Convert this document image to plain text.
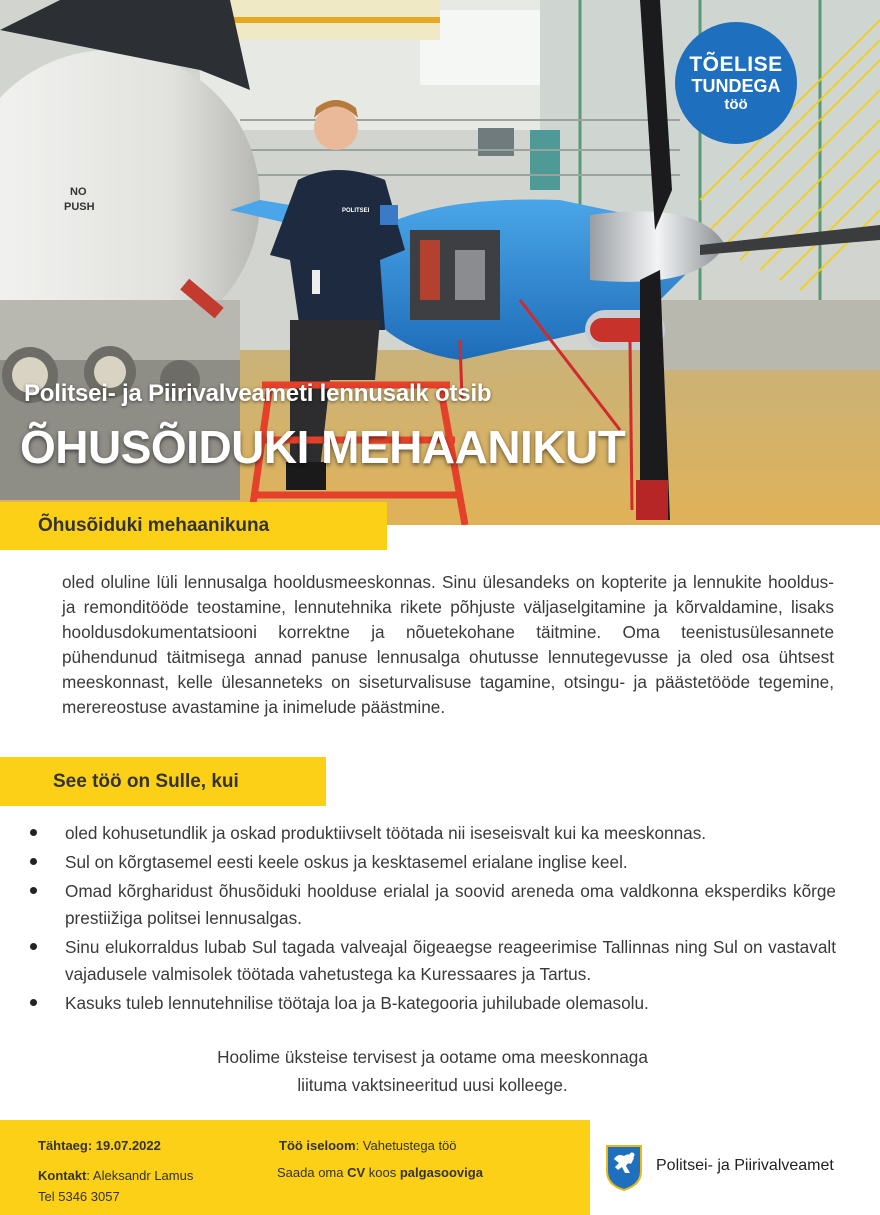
NO
PUSH	POLITSEI
Politsei- ja Piirivalveameti lennusalk otsib
ÕHUSÕIDUKI MEHAANIKUT
TÕELISE
TUNDEGA
töö
Õhusõiduki mehaanikuna

oled oluline lüli lennusalga hooldusmeeskonnas. Sinu ülesandeks on kopterite ja lennukite hooldus- ja remonditööde teostamine, lennutehnika rikete põhjuste väljaselgitamine ja kõrvaldamine, lisaks hooldusdokumentatsiooni korrektne ja nõuetekohane täitmine. Oma teenistusülesannete pühendunud täitmisega annad panuse lennusalga ohutusse lennutegevusse ja oled osa ühtsest meeskonnast, kelle ülesanneteks on siseturvalisuse tagamine, otsingu- ja päästetööde tegemine, merereostuse avastamine ja inimelude päästmine.

See töö on Sulle, kui
oled kohusetundlik ja oskad produktiivselt töötada nii iseseisvalt kui ka meeskonnas.
Sul on kõrgtasemel eesti keele oskus ja kesktasemel erialane inglise keel.
Omad kõrgharidust õhusõiduki hoolduse erialal ja soovid areneda oma valdkonna eksperdiks kõrge prestiižiga politsei lennusalgas.
Sinu elukorraldus lubab Sul tagada valveajal õigeaegse reageerimise Tallinnas ning Sul on vastavalt vajadusele valmisolek töötada vahetustega ka Kuressaares ja Tartus.
Kasuks tuleb lennutehnilise töötaja loa ja B-kategooria juhilubade olemasolu.
Hoolime üksteise tervisest ja ootame oma meeskonnaga
liituma vaktsineeritud uusi kolleege.
Tähtaeg: 19.07.2022	Töö iseloom: Vahetustega töö
Kontakt: Aleksandr Lamus	Saada oma CV koos palgasooviga
Tel 5346 3057
Politsei- ja Piirivalveamet
